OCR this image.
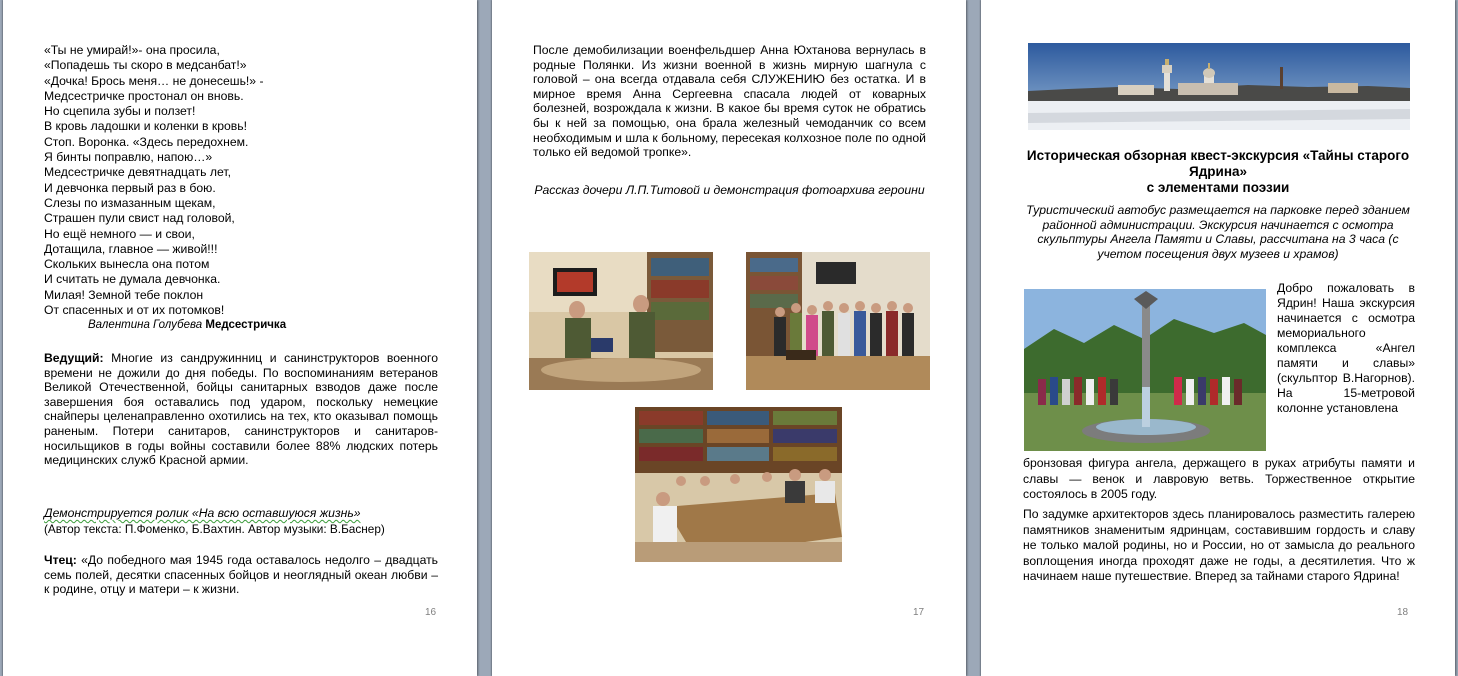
«Ты не умирай!»- она просила,
«Попадешь ты скоро в медсанбат!»
«Дочка! Брось меня… не донесешь!» -
Медсестричке простонал он вновь.
Но сцепила зубы и ползет!
В кровь ладошки и коленки в кровь!
Стоп. Воронка. «Здесь передохнем.
Я бинты поправлю, напою…»
Медсестричке девятнадцать лет,
И девчонка первый раз в бою.
Слезы по измазанным щекам,
Страшен пули свист над головой,
Но ещё немного — и свои,
Дотащила, главное — живой!!!
Скольких вынесла она потом
И считать не думала девчонка.
Милая! Земной тебе поклон
От спасенных и от их потомков!
Валентина Голубева Медсестричка
Ведущий: Многие из сандружинниц и санинструкторов военного времени не дожили до дня победы. По воспоминаниям ветеранов Великой Отечественной, бойцы санитарных взводов даже после завершения боя оставались под ударом, поскольку немецкие снайперы целенаправленно охотились на тех, кто оказывал помощь раненым. Потери санитаров, санинструкторов и санитаров-носильщиков в годы войны составили более 88% людских потерь медицинских служб Красной армии.
Демонстрируется ролик «На всю оставшуюся жизнь»
(Автор текста: П.Фоменко, Б.Вахтин. Автор музыки: В.Баснер)
Чтец: «До победного мая 1945 года оставалось недолго – двадцать семь полей, десятки спасенных бойцов и неоглядный океан любви – к родине, отцу и матери – к жизни.
16
После демобилизации военфельдшер Анна Юхтанова вернулась в родные Полянки. Из жизни военной в жизнь мирную шагнула с головой – она всегда отдавала себя СЛУЖЕНИЮ без остатка. И в мирное время Анна Сергеевна спасала людей от коварных болезней, возрождала к жизни. В какое бы время суток не обратись бы к ней за помощью, она брала железный чемоданчик со всем необходимым и шла к больному, пересекая колхозное поле по одной только ей ведомой тропке».
Рассказ дочери Л.П.Титовой и демонстрация фотоархива героини
17
Историческая обзорная квест-экскурсия «Тайны старого Ядрина»
с элементами поэзии
Туристический автобус размещается на парковке перед зданием районной администрации. Экскурсия начинается с осмотра скульптуры Ангела Памяти и Славы, рассчитана на 3 часа (с учетом посещения двух музеев и храмов)
Добро пожаловать в Ядрин! Наша экскурсия начинается с осмотра мемориального комплекса «Ангел памяти и славы» (скульптор В.Нагорнов). На 15-метровой колонне установлена
бронзовая фигура ангела, держащего в руках атрибуты памяти и славы — венок и лавровую ветвь. Торжественное открытие состоялось в 2005 году.
По задумке архитекторов здесь планировалось разместить галерею памятников знаменитым ядринцам, составившим гордость и славу не только малой родины, но и России, но от замысла до реального воплощения иногда проходят даже не годы, а десятилетия. Что ж начинаем наше путешествие. Вперед за тайнами старого Ядрина!
18
